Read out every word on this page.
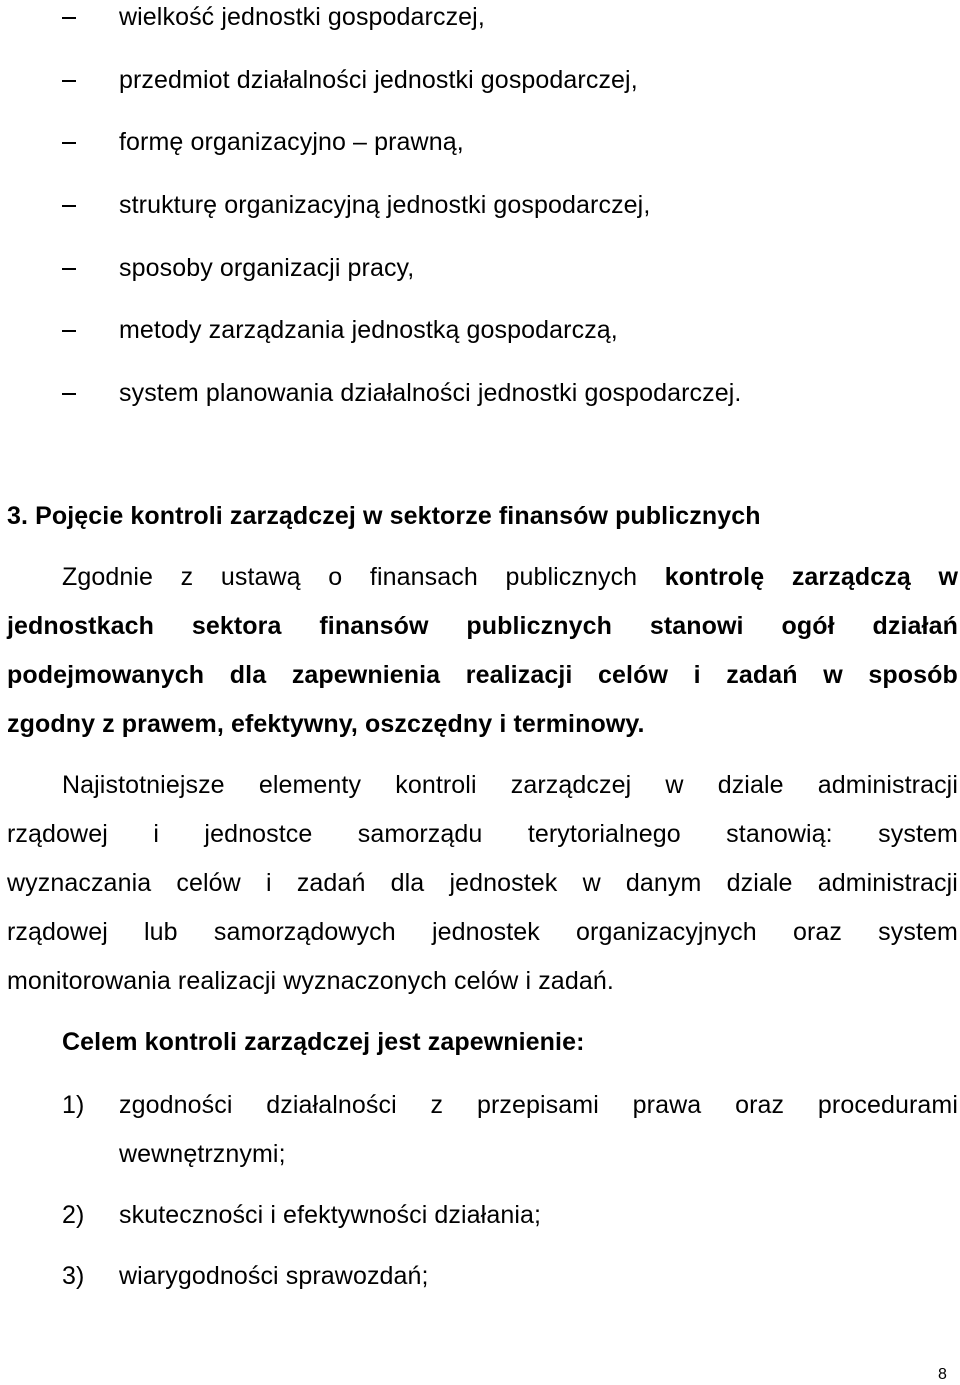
wielkość jednostki gospodarczej,
przedmiot działalności jednostki gospodarczej,
formę organizacyjno – prawną,
strukturę organizacyjną jednostki gospodarczej,
sposoby organizacji pracy,
metody zarządzania jednostką gospodarczą,
system planowania działalności jednostki gospodarczej.
3. Pojęcie kontroli zarządczej w sektorze finansów publicznych
Zgodnie z ustawą o finansach publicznych kontrolę zarządczą w
jednostkach sektora finansów publicznych stanowi ogół działań
podejmowanych dla zapewnienia realizacji celów i zadań w sposób
zgodny z prawem, efektywny, oszczędny i terminowy.
Najistotniejsze elementy kontroli zarządczej w dziale administracji
rządowej i jednostce samorządu terytorialnego stanowią: system
wyznaczania celów i zadań dla jednostek w danym dziale administracji
rządowej lub samorządowych jednostek organizacyjnych oraz system
monitorowania realizacji wyznaczonych celów i zadań.
Celem kontroli zarządczej jest zapewnienie:
1) zgodności działalności z przepisami prawa oraz procedurami
wewnętrznymi;
2) skuteczności i efektywności działania;
3) wiarygodności sprawozdań;
8
